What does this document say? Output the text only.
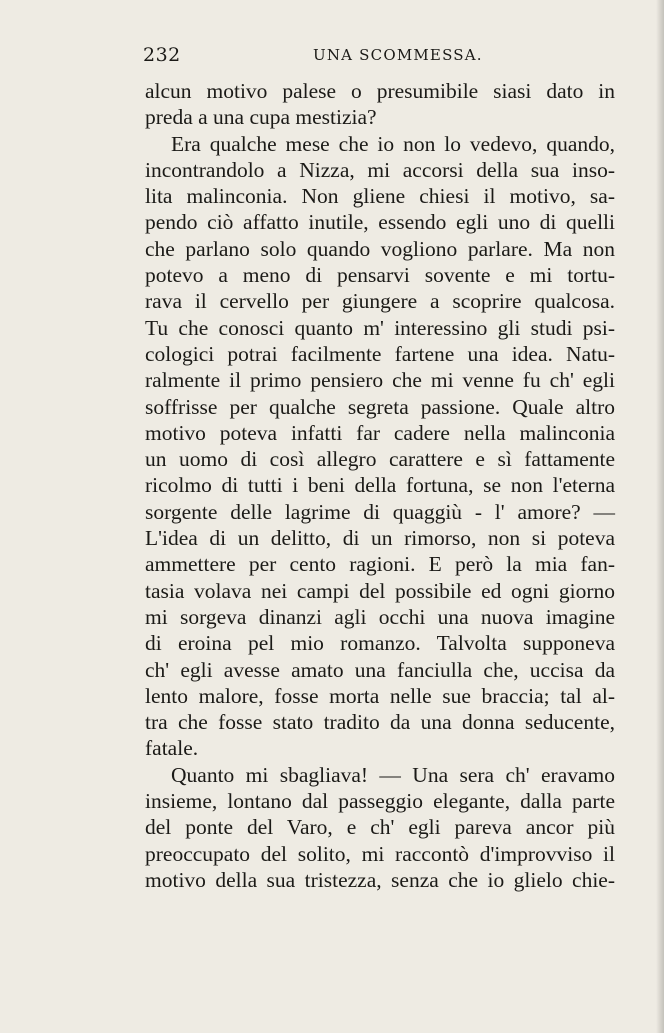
232	UNA SCOMMESSA.
alcun motivo palese o presumibile siasi dato in
preda a una cupa mestizia?
Era qualche mese che io non lo vedevo, quando,
incontrandolo a Nizza, mi accorsi della sua inso-
lita malinconia. Non gliene chiesi il motivo, sa-
pendo ciò affatto inutile, essendo egli uno di quelli
che parlano solo quando vogliono parlare. Ma non
potevo a meno di pensarvi sovente e mi tortu-
rava il cervello per giungere a scoprire qualcosa.
Tu che conosci quanto m' interessino gli studi psi-
cologici potrai facilmente fartene una idea. Natu-
ralmente il primo pensiero che mi venne fu ch' egli
soffrisse per qualche segreta passione. Quale altro
motivo poteva infatti far cadere nella malinconia
un uomo di così allegro carattere e sì fattamente
ricolmo di tutti i beni della fortuna, se non l'eterna
sorgente delle lagrime di quaggiù - l' amore? —
L'idea di un delitto, di un rimorso, non si poteva
ammettere per cento ragioni. E però la mia fan-
tasia volava nei campi del possibile ed ogni giorno
mi sorgeva dinanzi agli occhi una nuova imagine
di eroina pel mio romanzo. Talvolta supponeva
ch' egli avesse amato una fanciulla che, uccisa da
lento malore, fosse morta nelle sue braccia; tal al-
tra che fosse stato tradito da una donna seducente,
fatale.
Quanto mi sbagliava! — Una sera ch' eravamo
insieme, lontano dal passeggio elegante, dalla parte
del ponte del Varo, e ch' egli pareva ancor più
preoccupato del solito, mi raccontò d'improvviso il
motivo della sua tristezza, senza che io glielo chie-
